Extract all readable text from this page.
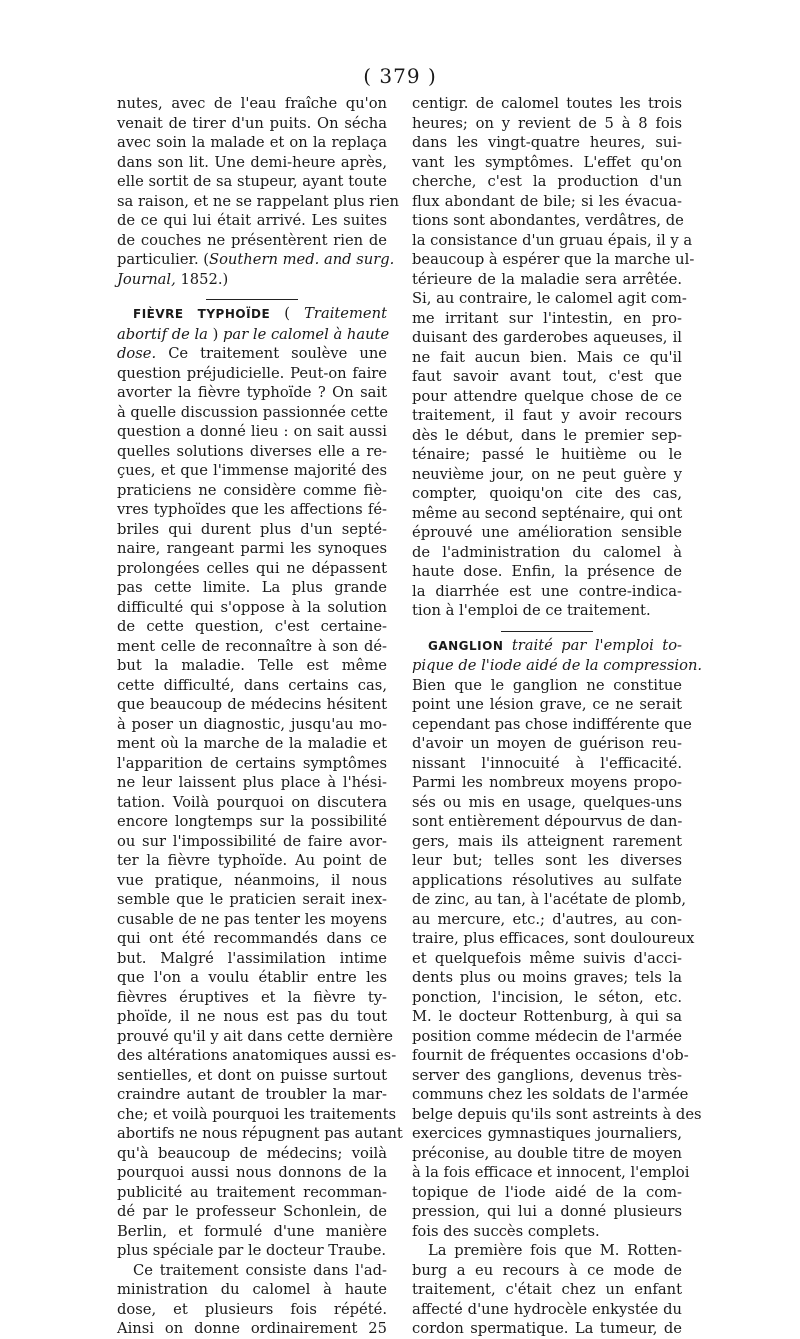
( 379 )
nutes, avec de l'eau fraîche qu'on
venait de tirer d'un puits. On sécha
avec soin la malade et on la replaça
dans son lit. Une demi-heure après,
elle sortit de sa stupeur, ayant toute
sa raison, et ne se rappelant plus rien
de ce qui lui était arrivé. Les suites
de couches ne présentèrent rien de
particulier. (Southern med. and surg.
Journal, 1852.)
FIÈVRE TYPHOÏDE ( Traitement
abortif de la ) par le calomel à haute
dose. Ce traitement soulève une
question préjudicielle. Peut-on faire
avorter la fièvre typhoïde ? On sait
à quelle discussion passionnée cette
question a donné lieu : on sait aussi
quelles solutions diverses elle a re-
çues, et que l'immense majorité des
praticiens ne considère comme fiè-
vres typhoïdes que les affections fé-
briles qui durent plus d'un septé-
naire, rangeant parmi les synoques
prolongées celles qui ne dépassent
pas cette limite. La plus grande
difficulté qui s'oppose à la solution
de cette question, c'est certaine-
ment celle de reconnaître à son dé-
but la maladie. Telle est même
cette difficulté, dans certains cas,
que beaucoup de médecins hésitent
à poser un diagnostic, jusqu'au mo-
ment où la marche de la maladie et
l'apparition de certains symptômes
ne leur laissent plus place à l'hési-
tation. Voilà pourquoi on discutera
encore longtemps sur la possibilité
ou sur l'impossibilité de faire avor-
ter la fièvre typhoïde. Au point de
vue pratique, néanmoins, il nous
semble que le praticien serait inex-
cusable de ne pas tenter les moyens
qui ont été recommandés dans ce
but. Malgré l'assimilation intime
que l'on a voulu établir entre les
fièvres éruptives et la fièvre ty-
phoïde, il ne nous est pas du tout
prouvé qu'il y ait dans cette dernière
des altérations anatomiques aussi es-
sentielles, et dont on puisse surtout
craindre autant de troubler la mar-
che; et voilà pourquoi les traitements
abortifs ne nous répugnent pas autant
qu'à beaucoup de médecins; voilà
pourquoi aussi nous donnons de la
publicité au traitement recomman-
dé par le professeur Schonlein, de
Berlin, et formulé d'une manière
plus spéciale par le docteur Traube.
Ce traitement consiste dans l'ad-
ministration du calomel à haute
dose, et plusieurs fois répété.
Ainsi on donne ordinairement 25
centigr. de calomel toutes les trois
heures; on y revient de 5 à 8 fois
dans les vingt-quatre heures, sui-
vant les symptômes. L'effet qu'on
cherche, c'est la production d'un
flux abondant de bile; si les évacua-
tions sont abondantes, verdâtres, de
la consistance d'un gruau épais, il y a
beaucoup à espérer que la marche ul-
térieure de la maladie sera arrêtée.
Si, au contraire, le calomel agit com-
me irritant sur l'intestin, en pro-
duisant des garderobes aqueuses, il
ne fait aucun bien. Mais ce qu'il
faut savoir avant tout, c'est que
pour attendre quelque chose de ce
traitement, il faut y avoir recours
dès le début, dans le premier sep-
ténaire; passé le huitième ou le
neuvième jour, on ne peut guère y
compter, quoiqu'on cite des cas,
même au second septénaire, qui ont
éprouvé une amélioration sensible
de l'administration du calomel à
haute dose. Enfin, la présence de
la diarrhée est une contre-indica-
tion à l'emploi de ce traitement.
GANGLION traité par l'emploi to-
pique de l'iode aidé de la compression.
Bien que le ganglion ne constitue
point une lésion grave, ce ne serait
cependant pas chose indifférente que
d'avoir un moyen de guérison reu-
nissant l'innocuité à l'efficacité.
Parmi les nombreux moyens propo-
sés ou mis en usage, quelques-uns
sont entièrement dépourvus de dan-
gers, mais ils atteignent rarement
leur but; telles sont les diverses
applications résolutives au sulfate
de zinc, au tan, à l'acétate de plomb,
au mercure, etc.; d'autres, au con-
traire, plus efficaces, sont douloureux
et quelquefois même suivis d'acci-
dents plus ou moins graves; tels la
ponction, l'incision, le séton, etc.
M. le docteur Rottenburg, à qui sa
position comme médecin de l'armée
fournit de fréquentes occasions d'ob-
server des ganglions, devenus très-
communs chez les soldats de l'armée
belge depuis qu'ils sont astreints à des
exercices gymnastiques journaliers,
préconise, au double titre de moyen
à la fois efficace et innocent, l'emploi
topique de l'iode aidé de la com-
pression, qui lui a donné plusieurs
fois des succès complets.
La première fois que M. Rotten-
burg a eu recours à ce mode de
traitement, c'était chez un enfant
affecté d'une hydrocèle enkystée du
cordon spermatique. La tumeur, de
